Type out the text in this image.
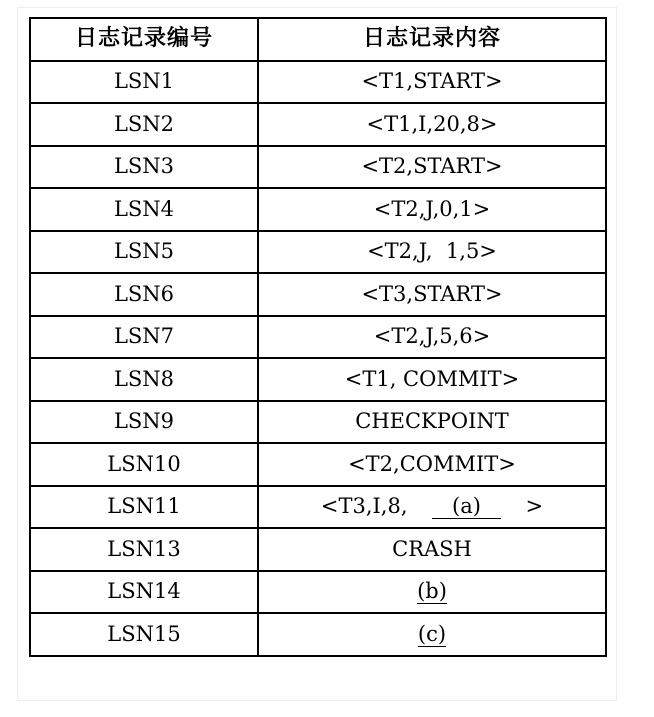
日志记录编号	日志记录内容
LSN1	<T1,START>
LSN2	<T1,I,20,8>
LSN3	<T2,START>
LSN4	<T2,J,0,1>
LSN5	<T2,J,  1,5>
LSN6	<T3,START>
LSN7	<T2,J,5,6>
LSN8	<T1, COMMIT>
LSN9	CHECKPOINT
LSN10	<T2,COMMIT>
LSN11	<T3,I,8,   (a)   >
LSN13	CRASH
LSN14	(b)
LSN15	(c)
